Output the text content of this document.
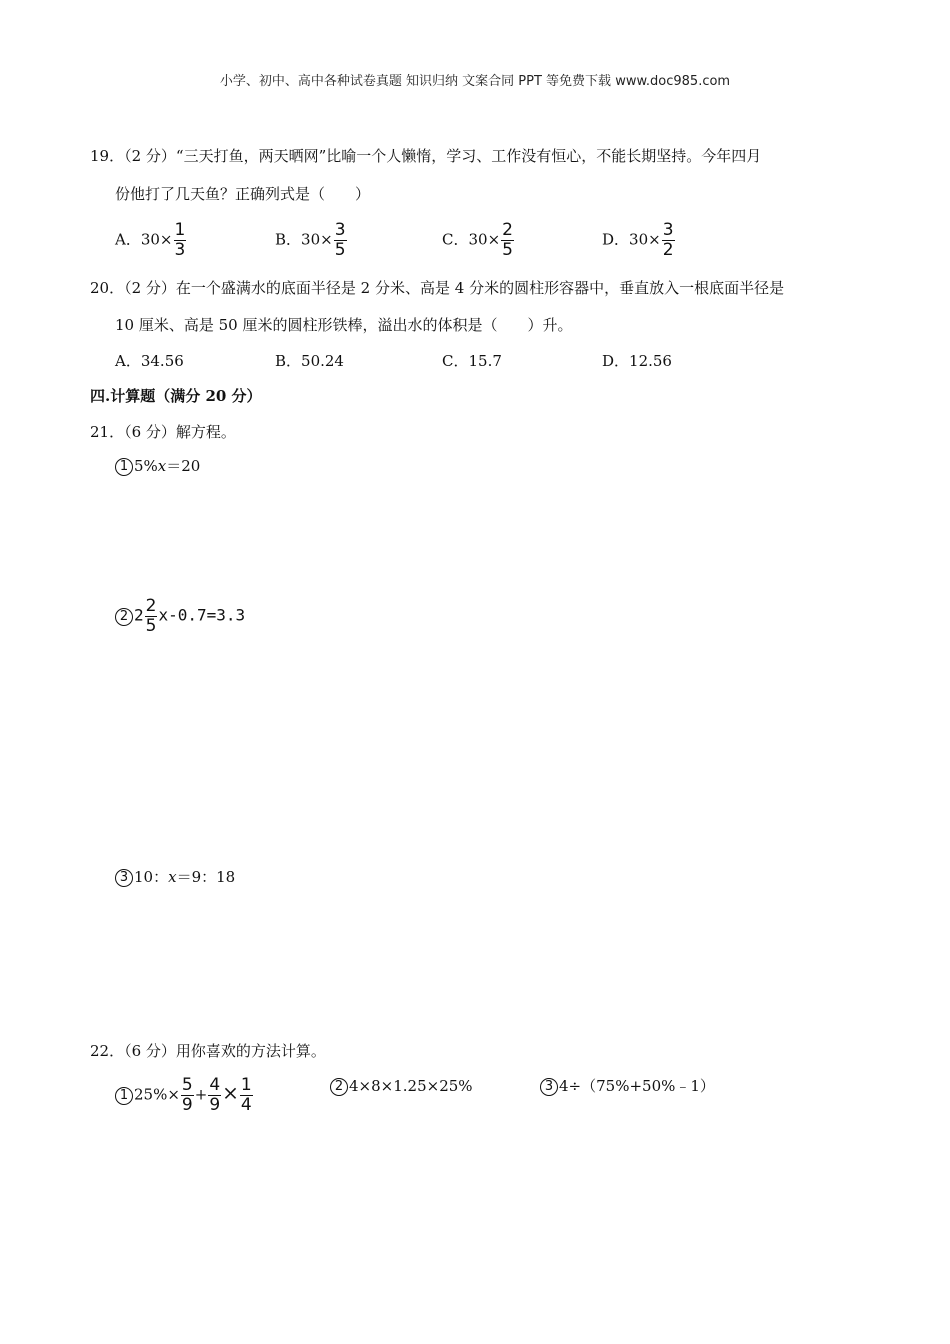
小学、初中、高中各种试卷真题 知识归纳 文案合同 PPT 等免费下载 www.doc985.com
19．（2 分）“三天打鱼，两天晒网”比喻一个人懒惰，学习、工作没有恒心，不能长期坚持。今年四月
份他打了几天鱼？正确列式是（　　）
A．$30\times \frac{1}{3}$	B．$30\times \frac{3}{5}$	C．$30\times \frac{2}{5}$	D．$30\times \frac{3}{2}$
20．（2 分）在一个盛满水的底面半径是 2 分米、高是 4 分米的圆柱形容器中，垂直放入一根底面半径是
10 厘米、高是 50 厘米的圆柱形铁棒，溢出水的体积是（　　）升。
A．34.56	B．50.24	C．15.7	D．12.56
四.计算题（满分 20 分）
21．（6 分）解方程。
1 5%x＝20
2 $2 \frac{2}{5} x-0.7=3.3$
3 10：x＝9：18
22．（6 分）用你喜欢的方法计算。
1 $25\%\times \frac{5}{9} + \frac{4}{9} \times \frac{1}{4}$	2 4×8×1.25×25%	3 4÷（75%+50%﹣1）
